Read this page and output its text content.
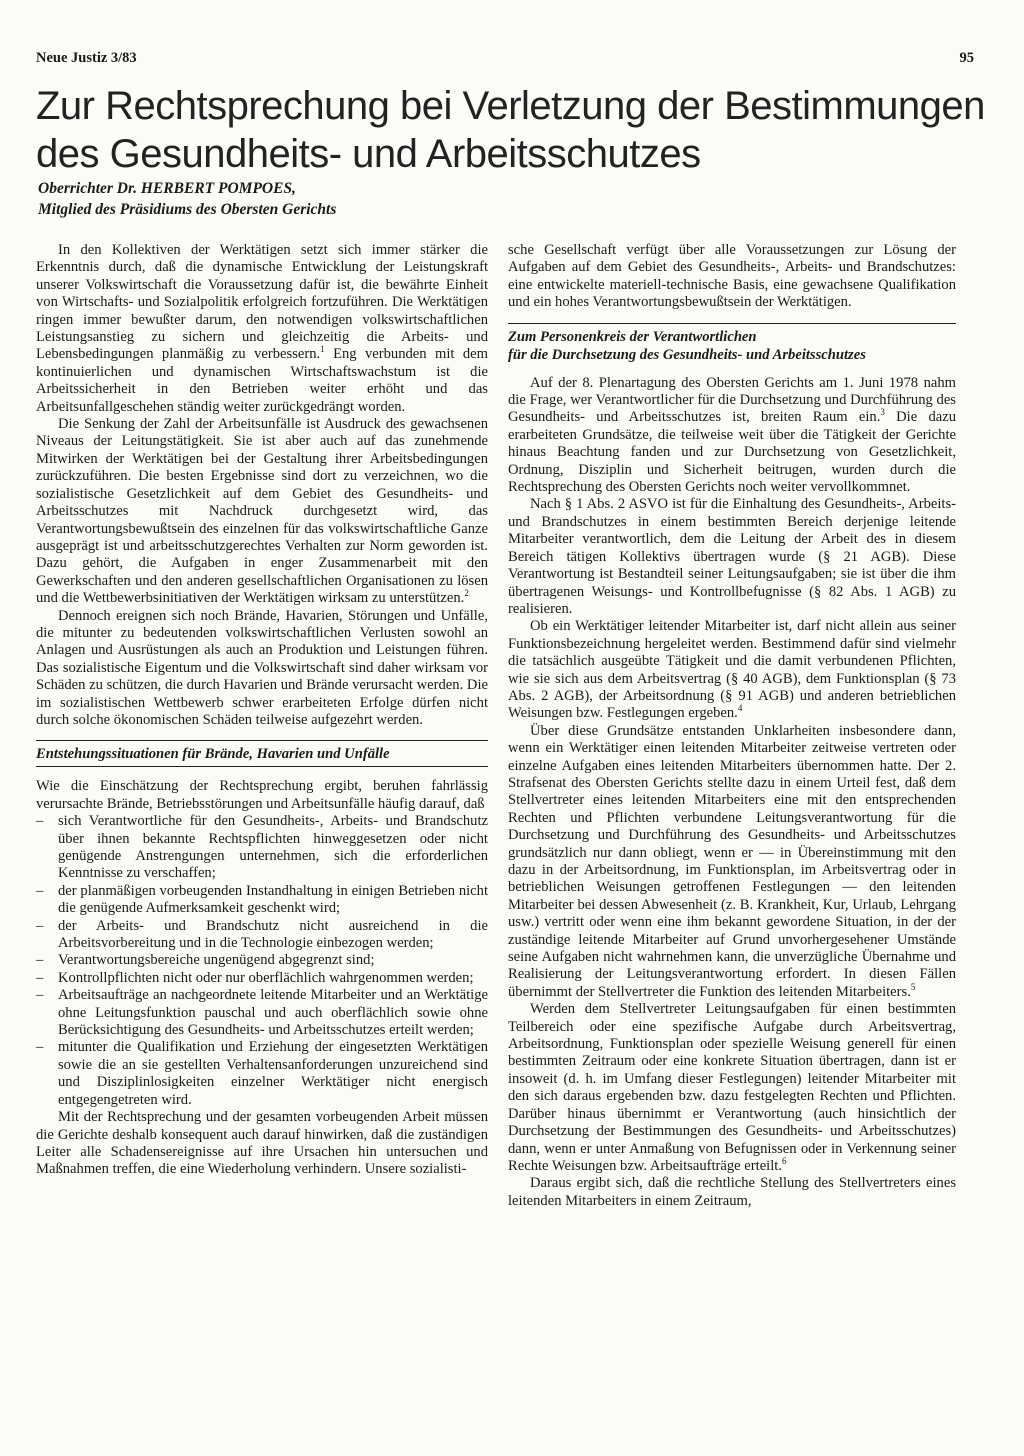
Neue Justiz 3/83	95
Zur Rechtsprechung bei Verletzung der Bestimmungen
des Gesundheits- und Arbeitsschutzes
Oberrichter Dr. HERBERT POMPOES,
Mitglied des Präsidiums des Obersten Gerichts

In den Kollektiven der Werktätigen setzt sich immer stärker die Erkenntnis durch, daß die dynamische Entwicklung der Leistungskraft unserer Volkswirtschaft die Voraussetzung dafür ist, die bewährte Einheit von Wirtschafts- und Sozialpolitik erfolgreich fortzuführen. Die Werktätigen ringen immer bewußter darum, den notwendigen volkswirtschaftlichen Leistungsanstieg zu sichern und gleichzeitig die Arbeits- und Lebensbedingungen planmäßig zu verbessern.$^1$ Eng verbunden mit dem kontinuierlichen und dynamischen Wirtschaftswachstum ist die Arbeitssicherheit in den Betrieben weiter erhöht und das Arbeitsunfallgeschehen ständig weiter zurückgedrängt worden.

Die Senkung der Zahl der Arbeitsunfälle ist Ausdruck des gewachsenen Niveaus der Leitungstätigkeit. Sie ist aber auch auf das zunehmende Mitwirken der Werktätigen bei der Gestaltung ihrer Arbeitsbedingungen zurückzuführen. Die besten Ergebnisse sind dort zu verzeichnen, wo die sozialistische Gesetzlichkeit auf dem Gebiet des Gesundheits- und Arbeitsschutzes mit Nachdruck durchgesetzt wird, das Verantwortungsbewußtsein des einzelnen für das volkswirtschaftliche Ganze ausgeprägt ist und arbeitsschutzgerechtes Verhalten zur Norm geworden ist. Dazu gehört, die Aufgaben in enger Zusammenarbeit mit den Gewerkschaften und den anderen gesellschaftlichen Organisationen zu lösen und die Wettbewerbsinitiativen der Werktätigen wirksam zu unterstützen.$^2$

Dennoch ereignen sich noch Brände, Havarien, Störungen und Unfälle, die mitunter zu bedeutenden volkswirtschaftlichen Verlusten sowohl an Anlagen und Ausrüstungen als auch an Produktion und Leistungen führen. Das sozialistische Eigentum und die Volkswirtschaft sind daher wirksam vor Schäden zu schützen, die durch Havarien und Brände verursacht werden. Die im sozialistischen Wettbewerb schwer erarbeiteten Erfolge dürfen nicht durch solche ökonomischen Schäden teilweise aufgezehrt werden.

Entstehungssituationen für Brände, Havarien und Unfälle

Wie die Einschätzung der Rechtsprechung ergibt, beruhen fahrlässig verursachte Brände, Betriebsstörungen und Arbeitsunfälle häufig darauf, daß

– sich Verantwortliche für den Gesundheits-, Arbeits- und Brandschutz über ihnen bekannte Rechtspflichten hinweggesetzen oder nicht genügende Anstrengungen unternehmen, sich die erforderlichen Kenntnisse zu verschaffen;
– der planmäßigen vorbeugenden Instandhaltung in einigen Betrieben nicht die genügende Aufmerksamkeit geschenkt wird;
– der Arbeits- und Brandschutz nicht ausreichend in die Arbeitsvorbereitung und in die Technologie einbezogen werden;
– Verantwortungsbereiche ungenügend abgegrenzt sind;
– Kontrollpflichten nicht oder nur oberflächlich wahrgenommen werden;
– Arbeitsaufträge an nachgeordnete leitende Mitarbeiter und an Werktätige ohne Leitungsfunktion pauschal und auch oberflächlich sowie ohne Berücksichtigung des Gesundheits- und Arbeitsschutzes erteilt werden;
– mitunter die Qualifikation und Erziehung der eingesetzten Werktätigen sowie die an sie gestellten Verhaltensanforderungen unzureichend sind und Disziplinlosigkeiten einzelner Werktätiger nicht energisch entgegengetreten wird.

Mit der Rechtsprechung und der gesamten vorbeugenden Arbeit müssen die Gerichte deshalb konsequent auch darauf hinwirken, daß die zuständigen Leiter alle Schadensereignisse auf ihre Ursachen hin untersuchen und Maßnahmen treffen, die eine Wiederholung verhindern. Unsere sozialisti-

sche Gesellschaft verfügt über alle Voraussetzungen zur Lösung der Aufgaben auf dem Gebiet des Gesundheits-, Arbeits- und Brandschutzes: eine entwickelte materiell-technische Basis, eine gewachsene Qualifikation und ein hohes Verantwortungsbewußtsein der Werktätigen.

Zum Personenkreis der Verantwortlichen
für die Durchsetzung des Gesundheits- und Arbeitsschutzes

Auf der 8. Plenartagung des Obersten Gerichts am 1. Juni 1978 nahm die Frage, wer Verantwortlicher für die Durchsetzung und Durchführung des Gesundheits- und Arbeitsschutzes ist, breiten Raum ein.$^3$ Die dazu erarbeiteten Grundsätze, die teilweise weit über die Tätigkeit der Gerichte hinaus Beachtung fanden und zur Durchsetzung von Gesetzlichkeit, Ordnung, Disziplin und Sicherheit beitrugen, wurden durch die Rechtsprechung des Obersten Gerichts noch weiter vervollkommnet.

Nach § 1 Abs. 2 ASVO ist für die Einhaltung des Gesundheits-, Arbeits- und Brandschutzes in einem bestimmten Bereich derjenige leitende Mitarbeiter verantwortlich, dem die Leitung der Arbeit des in diesem Bereich tätigen Kollektivs übertragen wurde (§ 21 AGB). Diese Verantwortung ist Bestandteil seiner Leitungsaufgaben; sie ist über die ihm übertragenen Weisungs- und Kontrollbefugnisse (§ 82 Abs. 1 AGB) zu realisieren.

Ob ein Werktätiger leitender Mitarbeiter ist, darf nicht allein aus seiner Funktionsbezeichnung hergeleitet werden. Bestimmend dafür sind vielmehr die tatsächlich ausgeübte Tätigkeit und die damit verbundenen Pflichten, wie sie sich aus dem Arbeitsvertrag (§ 40 AGB), dem Funktionsplan (§ 73 Abs. 2 AGB), der Arbeitsordnung (§ 91 AGB) und anderen betrieblichen Weisungen bzw. Festlegungen ergeben.$^4$

Über diese Grundsätze entstanden Unklarheiten insbesondere dann, wenn ein Werktätiger einen leitenden Mitarbeiter zeitweise vertreten oder einzelne Aufgaben eines leitenden Mitarbeiters übernommen hatte. Der 2. Strafsenat des Obersten Gerichts stellte dazu in einem Urteil fest, daß dem Stellvertreter eines leitenden Mitarbeiters eine mit den entsprechenden Rechten und Pflichten verbundene Leitungsverantwortung für die Durchsetzung und Durchführung des Gesundheits- und Arbeitsschutzes grundsätzlich nur dann obliegt, wenn er — in Übereinstimmung mit den dazu in der Arbeitsordnung, im Funktionsplan, im Arbeitsvertrag oder in betrieblichen Weisungen getroffenen Festlegungen — den leitenden Mitarbeiter bei dessen Abwesenheit (z. B. Krankheit, Kur, Urlaub, Lehrgang usw.) vertritt oder wenn eine ihm bekannt gewordene Situation, in der der zuständige leitende Mitarbeiter auf Grund unvorhergesehener Umstände seine Aufgaben nicht wahrnehmen kann, die unverzügliche Übernahme und Realisierung der Leitungsverantwortung erfordert. In diesen Fällen übernimmt der Stellvertreter die Funktion des leitenden Mitarbeiters.$^5$

Werden dem Stellvertreter Leitungsaufgaben für einen bestimmten Teilbereich oder eine spezifische Aufgabe durch Arbeitsvertrag, Arbeitsordnung, Funktionsplan oder spezielle Weisung generell für einen bestimmten Zeitraum oder eine konkrete Situation übertragen, dann ist er insoweit (d. h. im Umfang dieser Festlegungen) leitender Mitarbeiter mit den sich daraus ergebenden bzw. dazu festgelegten Rechten und Pflichten. Darüber hinaus übernimmt er Verantwortung (auch hinsichtlich der Durchsetzung der Bestimmungen des Gesundheits- und Arbeitsschutzes) dann, wenn er unter Anmaßung von Befugnissen oder in Verkennung seiner Rechte Weisungen bzw. Arbeitsaufträge erteilt.$^6$

Daraus ergibt sich, daß die rechtliche Stellung des Stellvertreters eines leitenden Mitarbeiters in einem Zeitraum,
